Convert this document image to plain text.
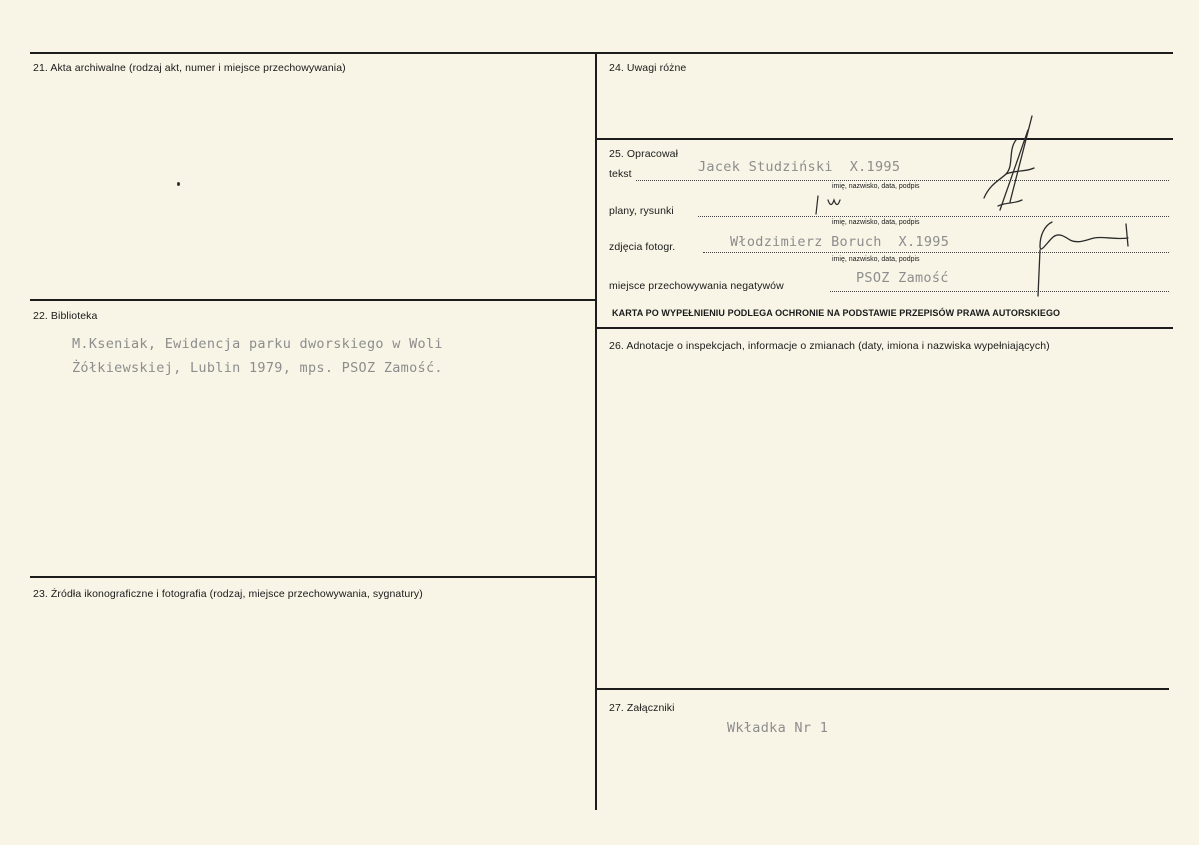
21. Akta archiwalne (rodzaj akt, numer i miejsce przechowywania)
22. Biblioteka
M.Kseniak, Ewidencja parku dworskiego w Woli
Żółkiewskiej, Lublin 1979, mps. PSOZ Zamość.
23. Źródła ikonograficzne i fotografia (rodzaj, miejsce przechowywania, sygnatury)
24. Uwagi różne
25. Opracował
tekst	Jacek Studziński  X.1995
imię, nazwisko, data, podpis
plany, rysunki
imię, nazwisko, data, podpis
zdjęcia fotogr.	Włodzimierz Boruch  X.1995
imię, nazwisko, data, podpis
miejsce przechowywania negatywów	PSOZ Zamość
KARTA PO WYPEŁNIENIU PODLEGA OCHRONIE NA PODSTAWIE PRZEPISÓW PRAWA AUTORSKIEGO
26. Adnotacje o inspekcjach, informacje o zmianach (daty, imiona i nazwiska wypełniających)
27. Załączniki
Wkładka Nr 1
